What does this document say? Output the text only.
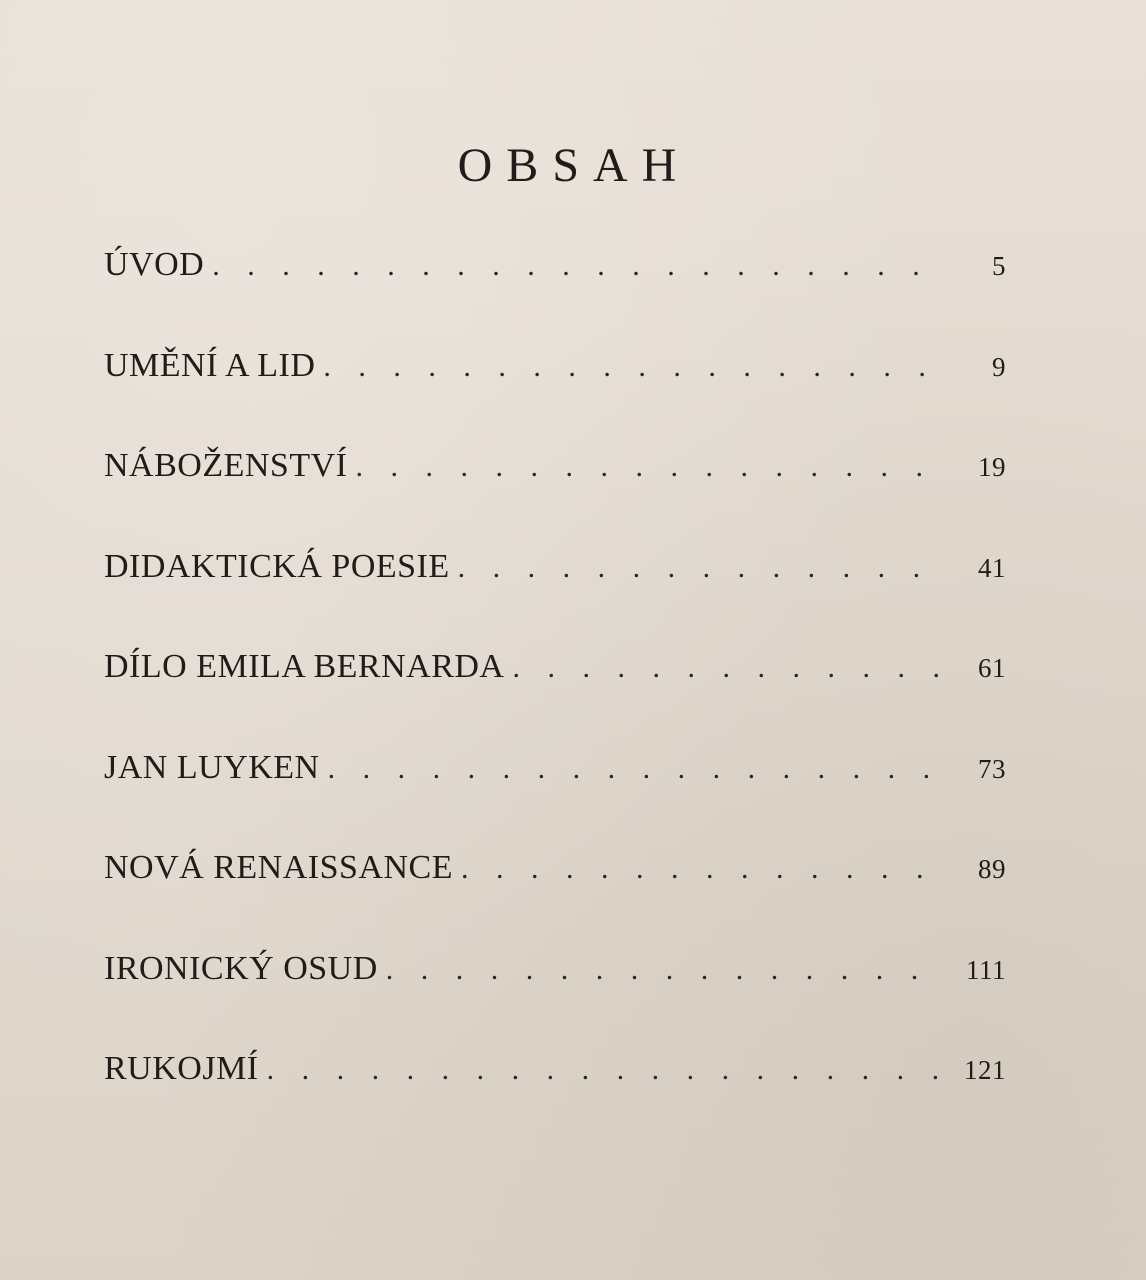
OBSAH
ÚVOD . . .	5
UMĚNÍ A LID . . .	9
NÁBOŽENSTVÍ . . .	19
DIDAKTICKÁ POESIE . . .	41
DÍLO EMILA BERNARDA . . .	61
JAN LUYKEN . . .	73
NOVÁ RENAISSANCE . . .	89
IRONICKÝ OSUD . . .	111
RUKOJMÍ . . .	121
